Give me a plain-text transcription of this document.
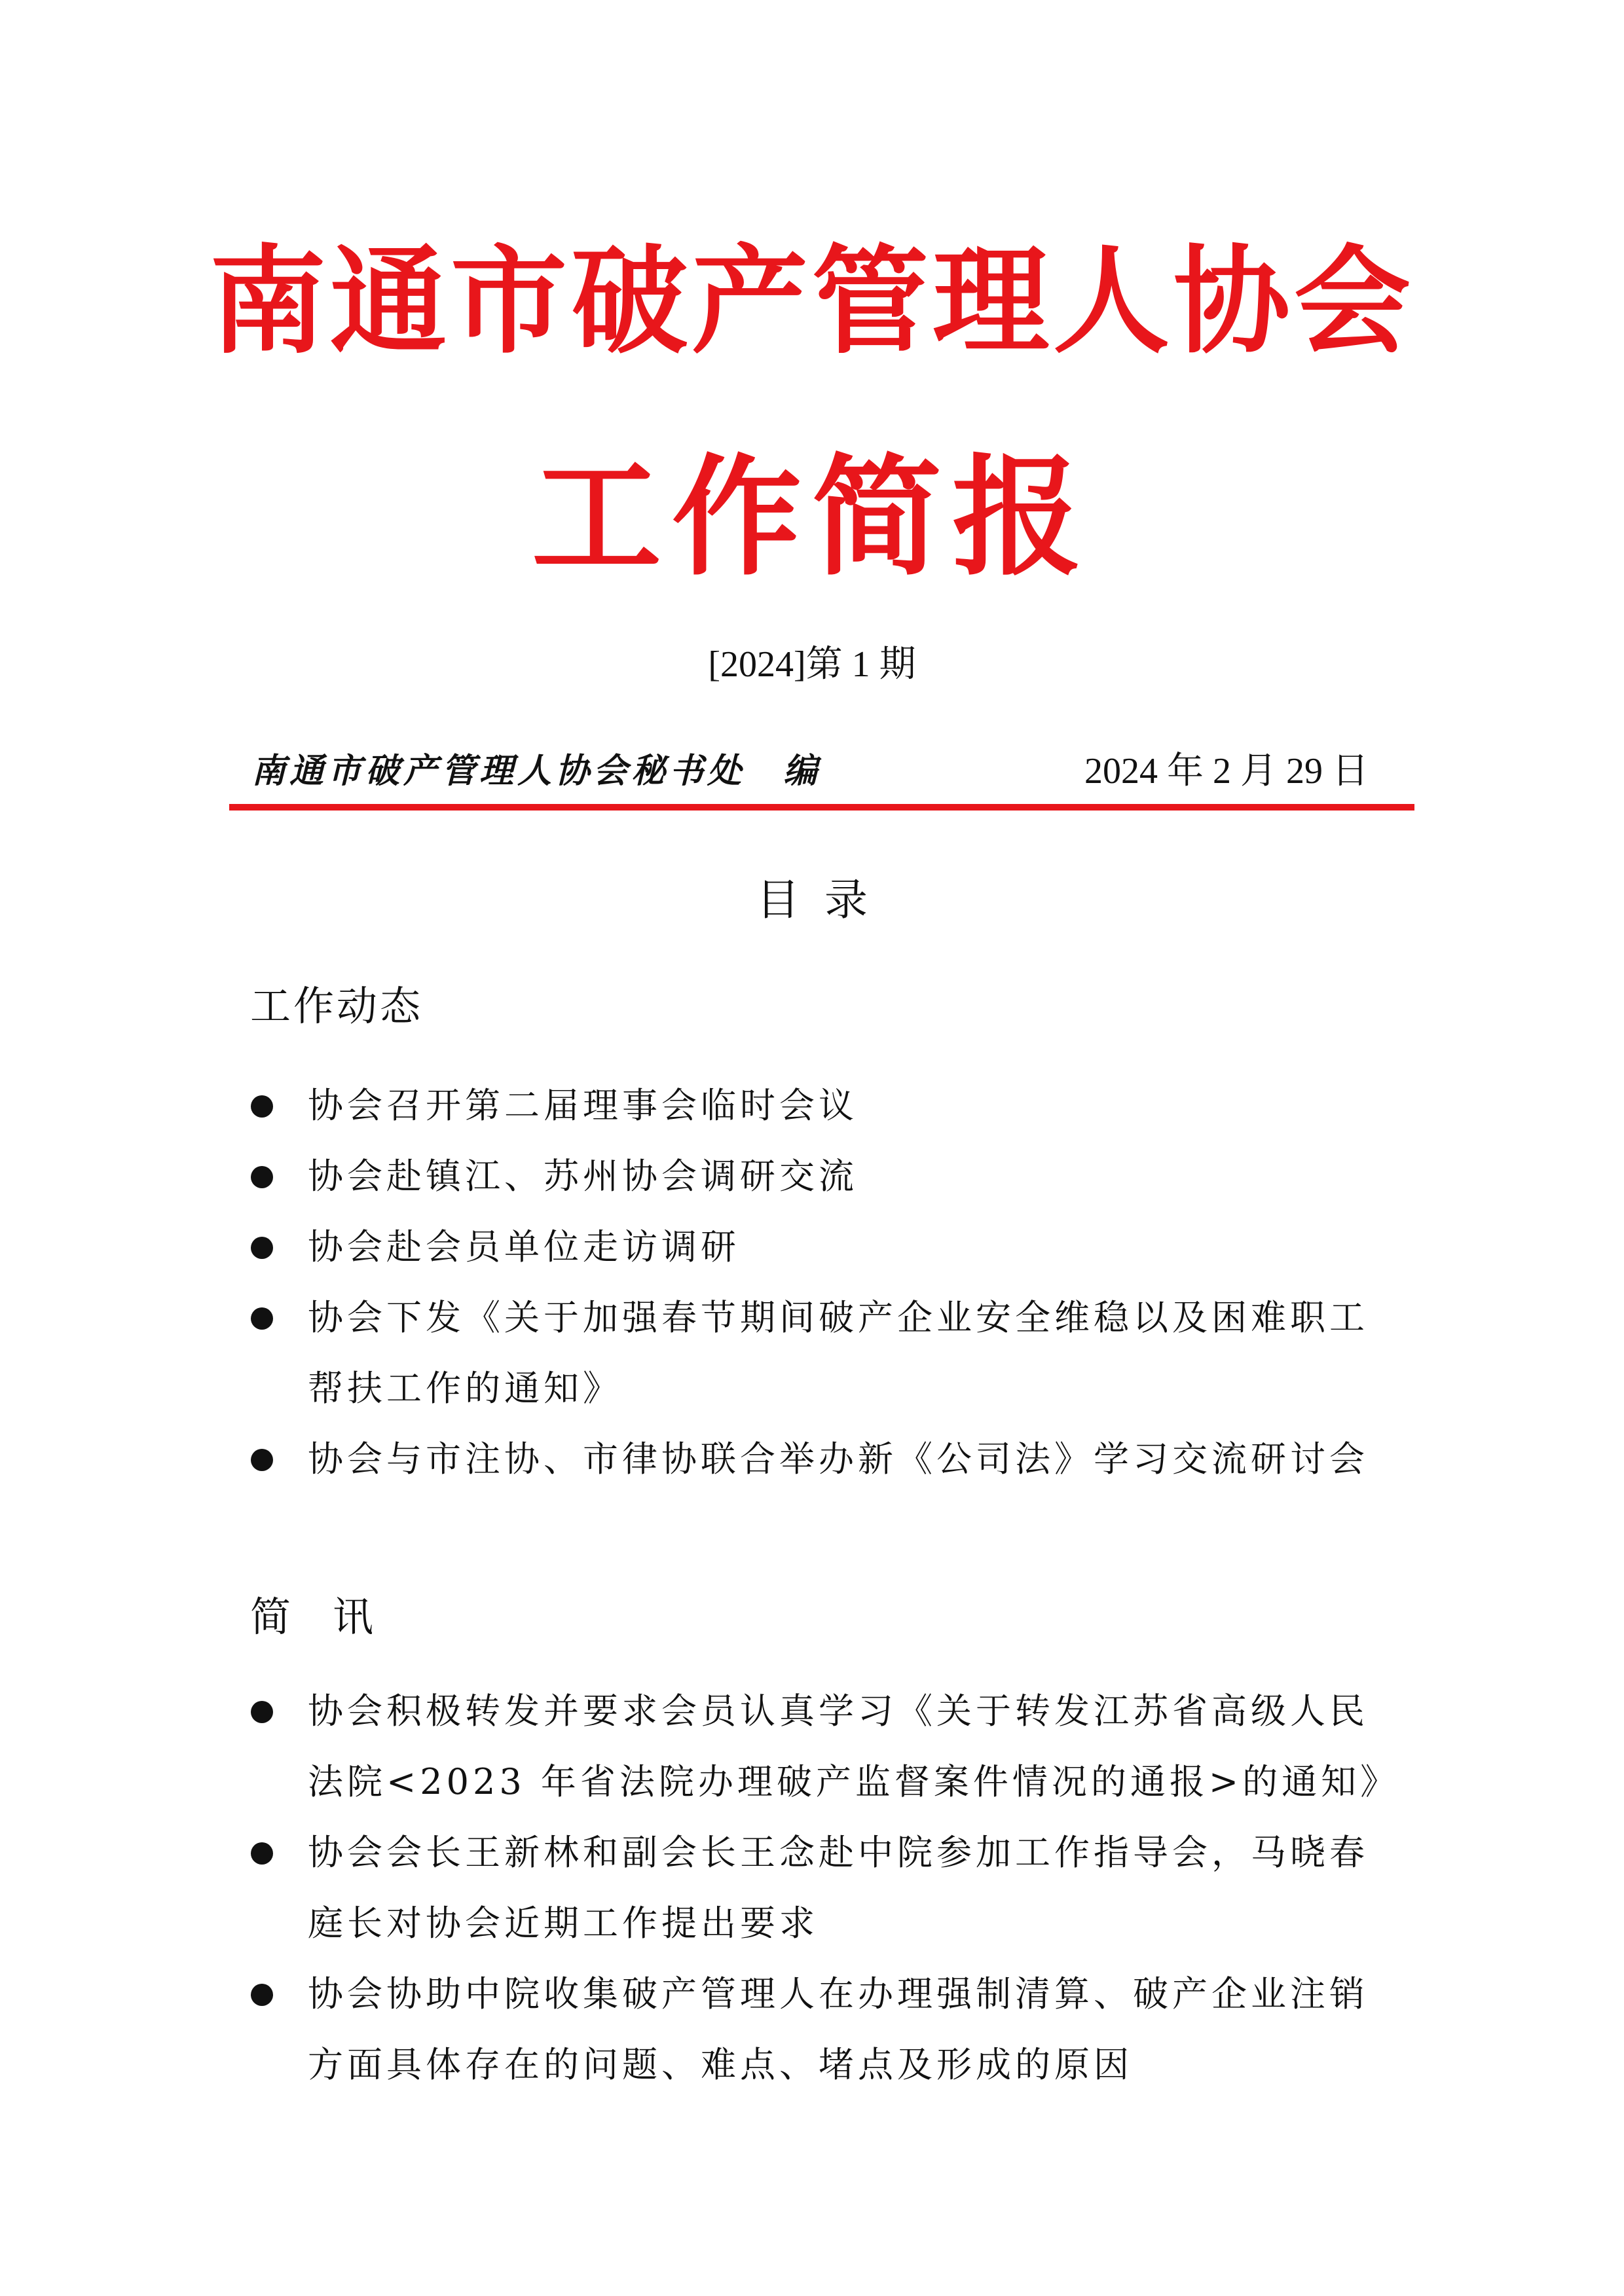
南通市破产管理人协会
工作简报
[2024]第 1 期
南通市破产管理人协会秘书处　编	2024 年 2 月 29 日
目录
工作动态
协会召开第二届理事会临时会议
协会赴镇江、苏州协会调研交流
协会赴会员单位走访调研
协会下发《关于加强春节期间破产企业安全维稳以及困难职工帮扶工作的通知》
协会与市注协、市律协联合举办新《公司法》学习交流研讨会
简讯
协会积极转发并要求会员认真学习《关于转发江苏省高级人民法院<2023 年省法院办理破产监督案件情况的通报>的通知》
协会会长王新林和副会长王念赴中院参加工作指导会，马晓春庭长对协会近期工作提出要求
协会协助中院收集破产管理人在办理强制清算、破产企业注销方面具体存在的问题、难点、堵点及形成的原因
